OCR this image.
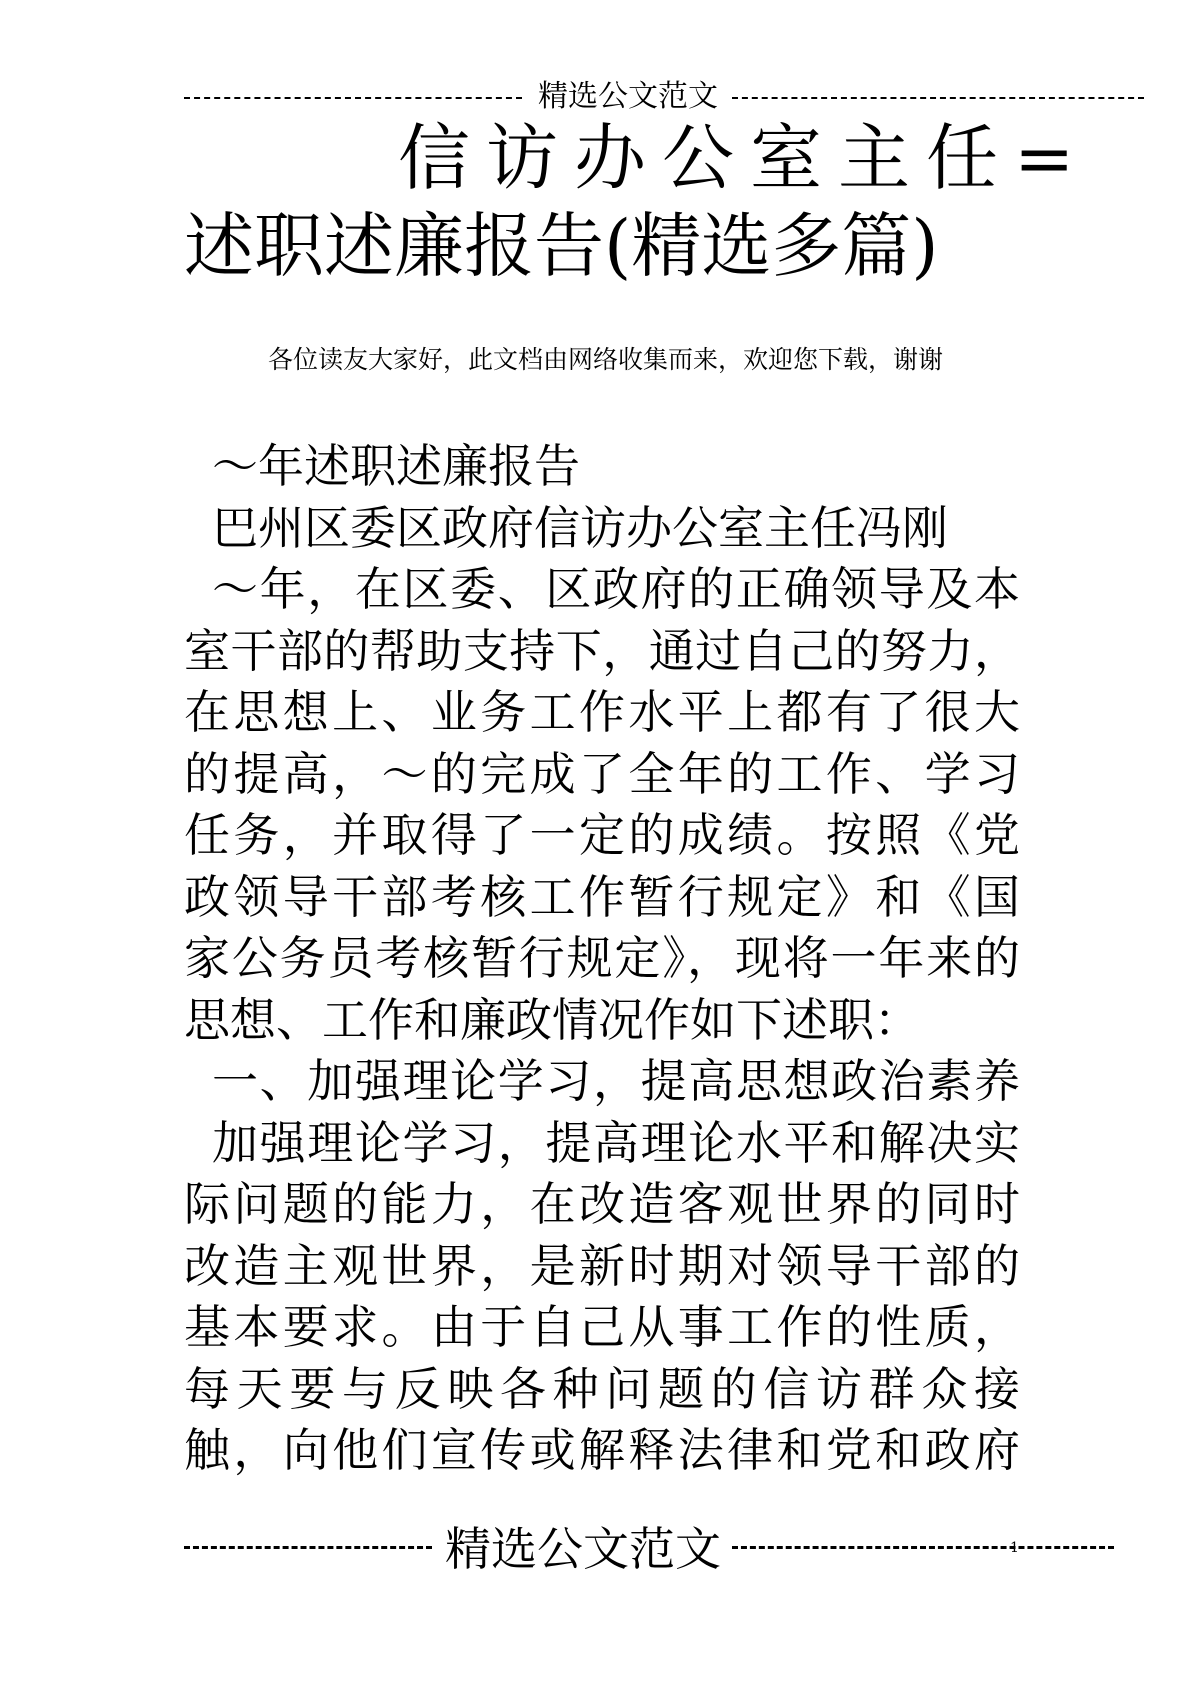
精选公文范文
信访办公室主任=
述职述廉报告(精选多篇)
各位读友大家好，此文档由网络收集而来，欢迎您下载，谢谢
～年述职述廉报告
巴州区委区政府信访办公室主任冯刚
～年，在区委、区政府的正确领导及本
室干部的帮助支持下，通过自己的努力，
在思想上、业务工作水平上都有了很大
的提高，～的完成了全年的工作、学习
任务，并取得了一定的成绩。按照《党
政领导干部考核工作暂行规定》和《国
家公务员考核暂行规定》，现将一年来的
思想、工作和廉政情况作如下述职：
一、加强理论学习，提高思想政治素养
加强理论学习，提高理论水平和解决实
际问题的能力，在改造客观世界的同时
改造主观世界，是新时期对领导干部的
基本要求。由于自己从事工作的性质，
每天要与反映各种问题的信访群众接
触，向他们宣传或解释法律和党和政府
精选公文范文	1
